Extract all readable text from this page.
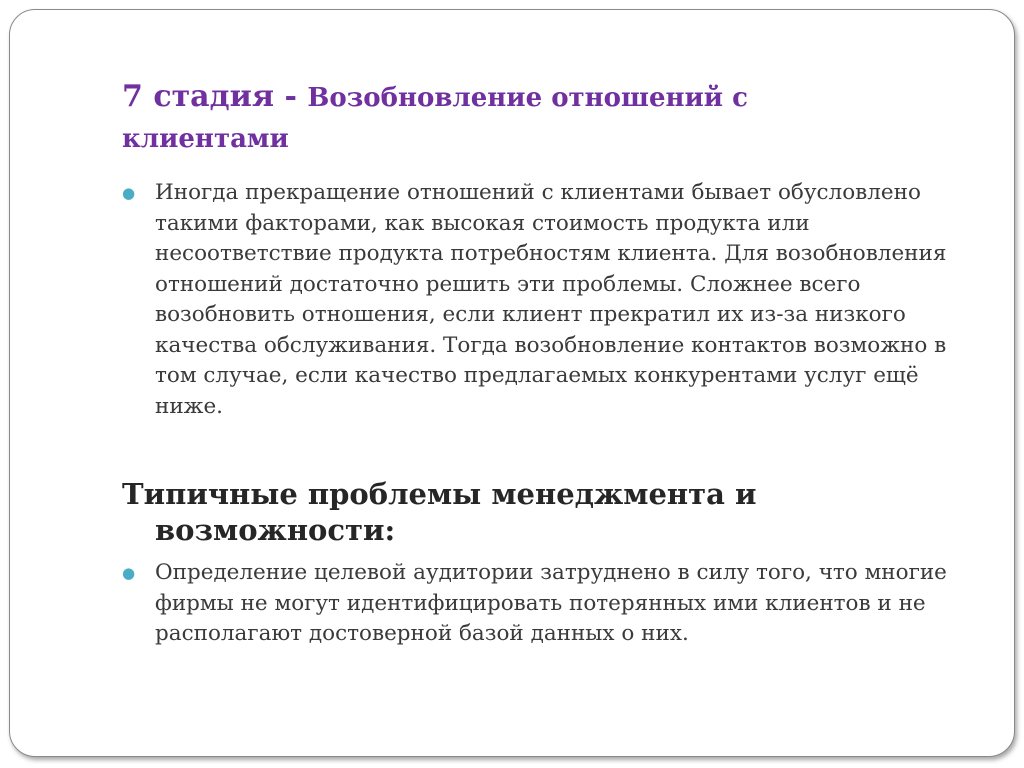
7 стадия - Возобновление отношений с
клиентами
● Иногда прекращение отношений с клиентами бывает обусловлено такими факторами, как высокая стоимость продукта или несоответствие продукта потребностям клиента. Для возобновления отношений достаточно решить эти проблемы. Сложнее всего возобновить отношения, если клиент прекратил их из-за низкого качества обслуживания. Тогда возобновление контактов возможно в том случае, если качество предлагаемых конкурентами услуг ещё ниже.
Типичные проблемы менеджмента и
возможности:
● Определение целевой аудитории затруднено в силу того, что многие фирмы не могут идентифицировать потерянных ими клиентов и не располагают достоверной базой данных о них.
